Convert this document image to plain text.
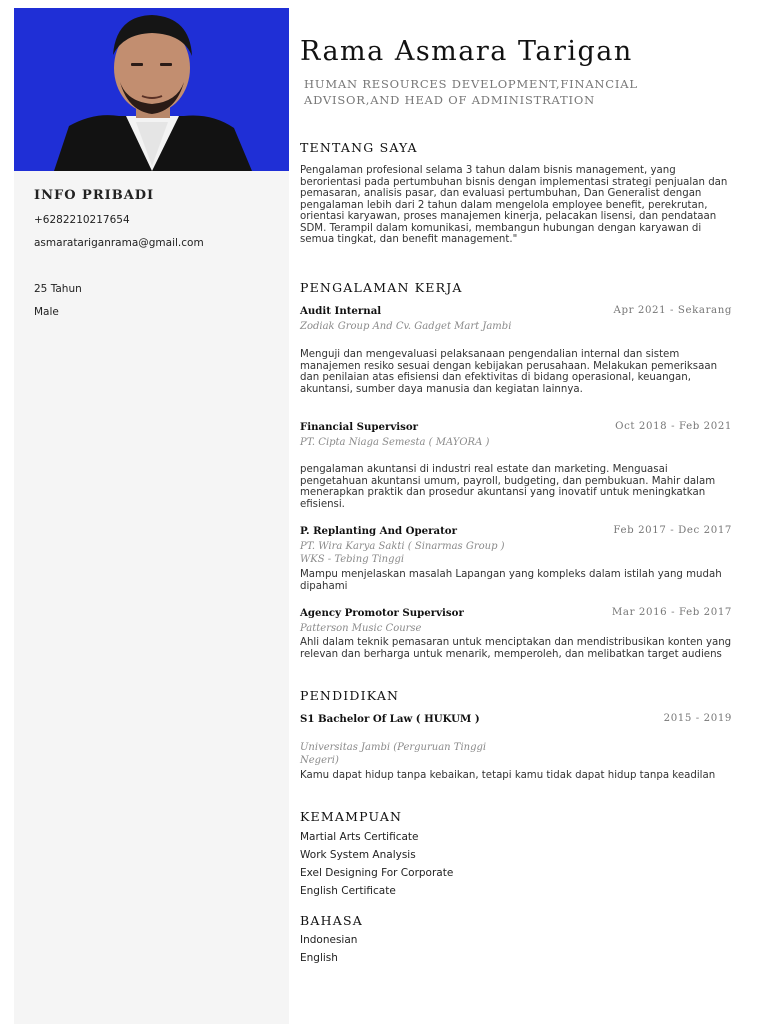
INFO PRIBADI
+6282210217654
asmaratariganrama@gmail.com
25 Tahun
Male
Rama Asmara Tarigan
HUMAN RESOURCES DEVELOPMENT,FINANCIAL ADVISOR,AND HEAD OF ADMINISTRATION
TENTANG SAYA
Pengalaman profesional selama 3 tahun dalam bisnis management, yang berorientasi pada pertumbuhan bisnis dengan implementasi strategi penjualan dan pemasaran, analisis pasar, dan evaluasi pertumbuhan, Dan Generalist dengan pengalaman lebih dari 2 tahun dalam mengelola employee benefit, perekrutan, orientasi karyawan, proses manajemen kinerja, pelacakan lisensi, dan pendataan SDM. Terampil dalam komunikasi, membangun hubungan dengan karyawan di semua tingkat, dan benefit management."
PENGALAMAN KERJA
Audit Internal	Apr 2021 - Sekarang
Zodiak Group And Cv. Gadget Mart Jambi
Menguji dan mengevaluasi pelaksanaan pengendalian internal dan sistem manajemen resiko sesuai dengan kebijakan perusahaan. Melakukan pemeriksaan dan penilaian atas efisiensi dan efektivitas di bidang operasional, keuangan, akuntansi, sumber daya manusia dan kegiatan lainnya.
Financial Supervisor	Oct 2018 - Feb 2021
PT. Cipta Niaga Semesta ( MAYORA )
pengalaman akuntansi di industri real estate dan marketing. Menguasai pengetahuan akuntansi umum, payroll, budgeting, dan pembukuan. Mahir dalam menerapkan praktik dan prosedur akuntansi yang inovatif untuk meningkatkan efisiensi.
P. Replanting And Operator	Feb 2017 - Dec 2017
PT. Wira Karya Sakti ( Sinarmas Group ) WKS - Tebing Tinggi
Mampu menjelaskan masalah Lapangan yang kompleks dalam istilah yang mudah dipahami
Agency Promotor Supervisor	Mar 2016 - Feb 2017
Patterson Music Course
Ahli dalam teknik pemasaran untuk menciptakan dan mendistribusikan konten yang relevan dan berharga untuk menarik, memperoleh, dan melibatkan target audiens
PENDIDIKAN
S1 Bachelor Of Law ( HUKUM )	2015 - 2019
Universitas Jambi (Perguruan Tinggi Negeri)
Kamu dapat hidup tanpa kebaikan, tetapi kamu tidak dapat hidup tanpa keadilan
KEMAMPUAN
Martial Arts Certificate
Work System Analysis
Exel Designing For Corporate
English Certificate
BAHASA
Indonesian
English
